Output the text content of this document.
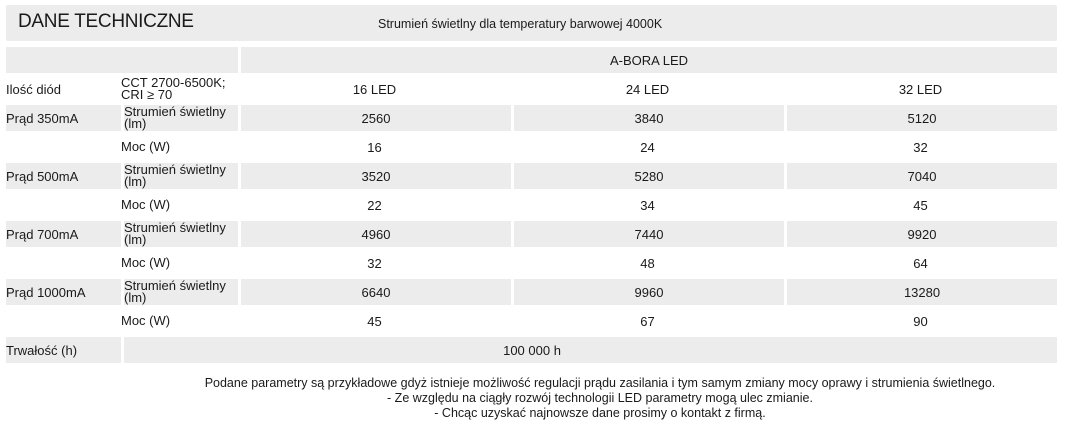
DANE TECHNICZNE	Strumień świetlny dla temperatury barwowej 4000K
		A-BORA LED		
Ilość diód	CCT 2700-6500K; CRI ≥ 70	16 LED	24 LED	32 LED
Prąd 350mA	Strumień świetlny (lm)	2560	3840	5120
	Moc (W)	16	24	32
Prąd 500mA	Strumień świetlny (lm)	3520	5280	7040
	Moc (W)	22	34	45
Prąd 700mA	Strumień świetlny (lm)	4960	7440	9920
	Moc (W)	32	48	64
Prąd 1000mA	Strumień świetlny (lm)	6640	9960	13280
	Moc (W)	45	67	90
Trwałość (h)	100 000 h			
Podane parametry są przykładowe gdyż istnieje możliwość regulacji prądu zasilania i tym samym zmiany mocy oprawy i strumienia świetlnego.
- Ze względu na ciągły rozwój technologii LED parametry mogą ulec zmianie.
- Chcąc uzyskać najnowsze dane prosimy o kontakt z firmą.
